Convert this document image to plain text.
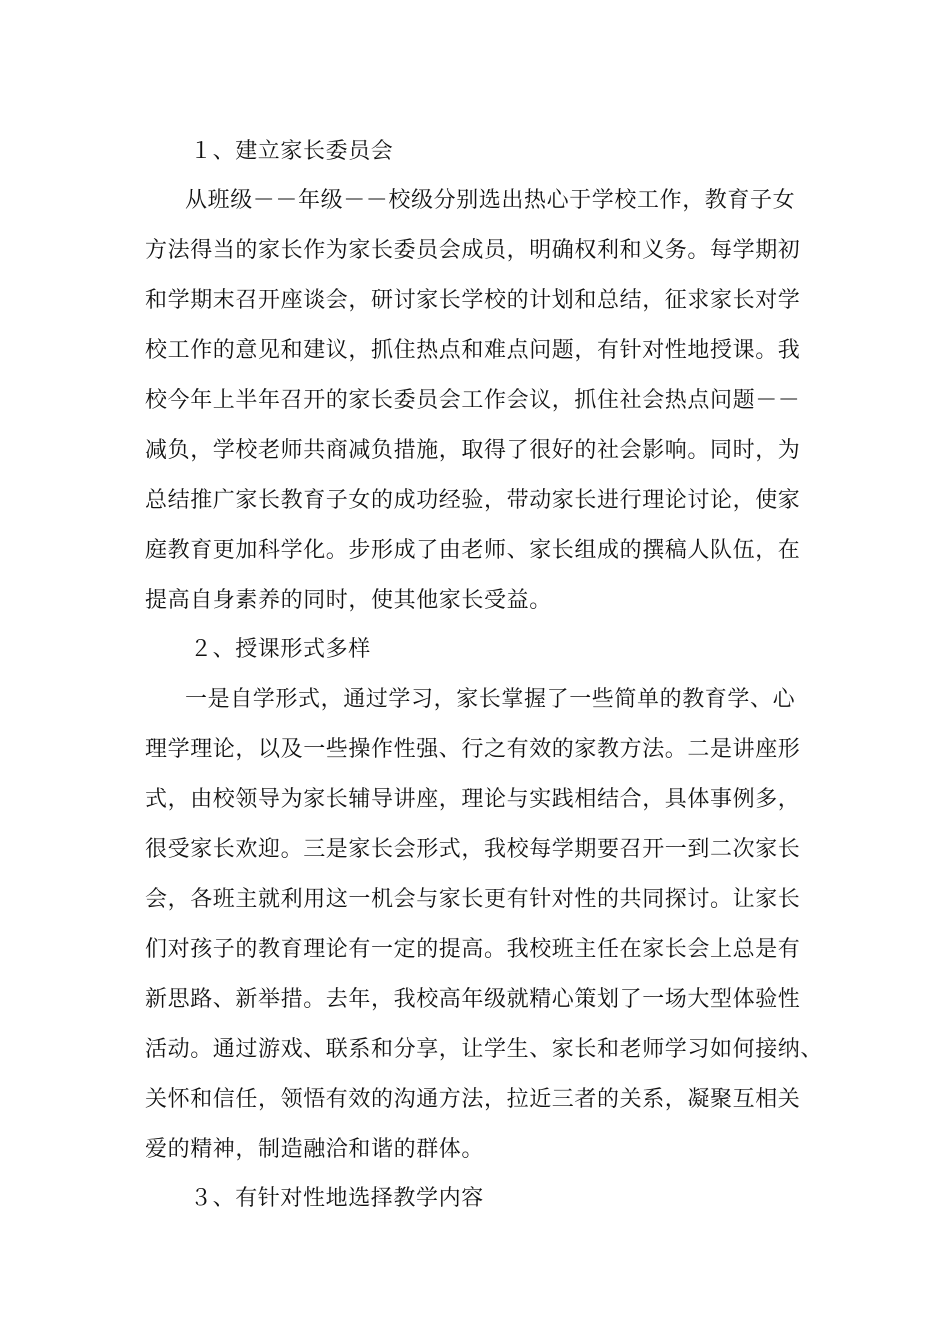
１、建立家长委员会
从班级－－年级－－校级分别选出热心于学校工作，教育子女
方法得当的家长作为家长委员会成员，明确权利和义务。每学期初
和学期末召开座谈会，研讨家长学校的计划和总结，征求家长对学
校工作的意见和建议，抓住热点和难点问题，有针对性地授课。我
校今年上半年召开的家长委员会工作会议，抓住社会热点问题－－
减负，学校老师共商减负措施，取得了很好的社会影响。同时，为
总结推广家长教育子女的成功经验，带动家长进行理论讨论，使家
庭教育更加科学化。步形成了由老师、家长组成的撰稿人队伍，在
提高自身素养的同时，使其他家长受益。
２、授课形式多样
一是自学形式，通过学习，家长掌握了一些简单的教育学、心
理学理论，以及一些操作性强、行之有效的家教方法。二是讲座形
式，由校领导为家长辅导讲座，理论与实践相结合，具体事例多，
很受家长欢迎。三是家长会形式，我校每学期要召开一到二次家长
会，各班主就利用这一机会与家长更有针对性的共同探讨。让家长
们对孩子的教育理论有一定的提高。我校班主任在家长会上总是有
新思路、新举措。去年，我校高年级就精心策划了一场大型体验性
活动。通过游戏、联系和分享，让学生、家长和老师学习如何接纳、
关怀和信任，领悟有效的沟通方法，拉近三者的关系，凝聚互相关
爱的精神，制造融洽和谐的群体。
３、有针对性地选择教学内容
